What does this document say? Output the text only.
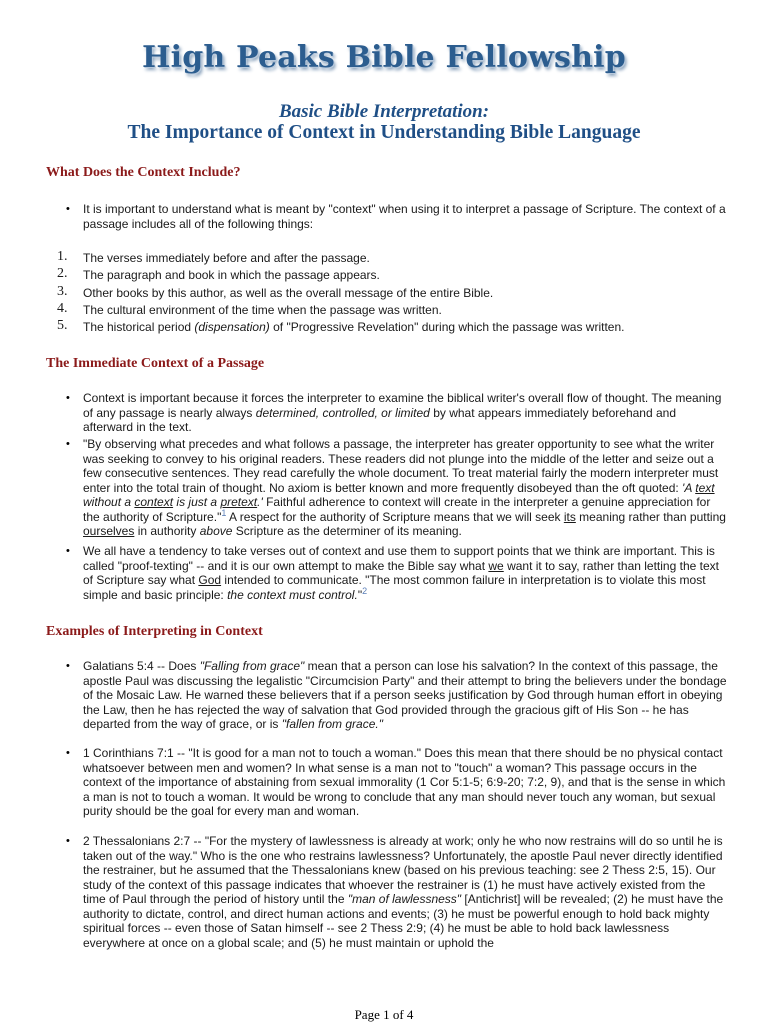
High Peaks Bible Fellowship
Basic Bible Interpretation:
The Importance of Context in Understanding Bible Language
What Does the Context Include?
• It is important to understand what is meant by "context" when using it to interpret a passage of Scripture. The context of a passage includes all of the following things:
1. The verses immediately before and after the passage.
2. The paragraph and book in which the passage appears.
3. Other books by this author, as well as the overall message of the entire Bible.
4. The cultural environment of the time when the passage was written.
5. The historical period (dispensation) of "Progressive Revelation" during which the passage was written.
The Immediate Context of a Passage
• Context is important because it forces the interpreter to examine the biblical writer's overall flow of thought. The meaning of any passage is nearly always determined, controlled, or limited by what appears immediately beforehand and afterward in the text.
• "By observing what precedes and what follows a passage, the interpreter has greater opportunity to see what the writer was seeking to convey to his original readers. These readers did not plunge into the middle of the letter and seize out a few consecutive sentences. They read carefully the whole document. To treat material fairly the modern interpreter must enter into the total train of thought. No axiom is better known and more frequently disobeyed than the oft quoted: 'A text without a context is just a pretext.' Faithful adherence to context will create in the interpreter a genuine appreciation for the authority of Scripture."$^1$ A respect for the authority of Scripture means that we will seek its meaning rather than putting ourselves in authority above Scripture as the determiner of its meaning.
• We all have a tendency to take verses out of context and use them to support points that we think are important. This is called "proof-texting" -- and it is our own attempt to make the Bible say what we want it to say, rather than letting the text of Scripture say what God intended to communicate. "The most common failure in interpretation is to violate this most simple and basic principle: the context must control."$^2$
Examples of Interpreting in Context
• Galatians 5:4 -- Does "Falling from grace" mean that a person can lose his salvation? In the context of this passage, the apostle Paul was discussing the legalistic "Circumcision Party" and their attempt to bring the believers under the bondage of the Mosaic Law. He warned these believers that if a person seeks justification by God through human effort in obeying the Law, then he has rejected the way of salvation that God provided through the gracious gift of His Son -- he has departed from the way of grace, or is "fallen from grace."
• 1 Corinthians 7:1 -- "It is good for a man not to touch a woman." Does this mean that there should be no physical contact whatsoever between men and women? In what sense is a man not to "touch" a woman? This passage occurs in the context of the importance of abstaining from sexual immorality (1 Cor 5:1-5; 6:9-20; 7:2, 9), and that is the sense in which a man is not to touch a woman. It would be wrong to conclude that any man should never touch any woman, but sexual purity should be the goal for every man and woman.
• 2 Thessalonians 2:7 -- "For the mystery of lawlessness is already at work; only he who now restrains will do so until he is taken out of the way." Who is the one who restrains lawlessness? Unfortunately, the apostle Paul never directly identified the restrainer, but he assumed that the Thessalonians knew (based on his previous teaching: see 2 Thess 2:5, 15). Our study of the context of this passage indicates that whoever the restrainer is (1) he must have actively existed from the time of Paul through the period of history until the "man of lawlessness" [Antichrist] will be revealed; (2) he must have the authority to dictate, control, and direct human actions and events; (3) he must be powerful enough to hold back mighty spiritual forces -- even those of Satan himself -- see 2 Thess 2:9; (4) he must be able to hold back lawlessness everywhere at once on a global scale; and (5) he must maintain or uphold the
Page 1 of 4
